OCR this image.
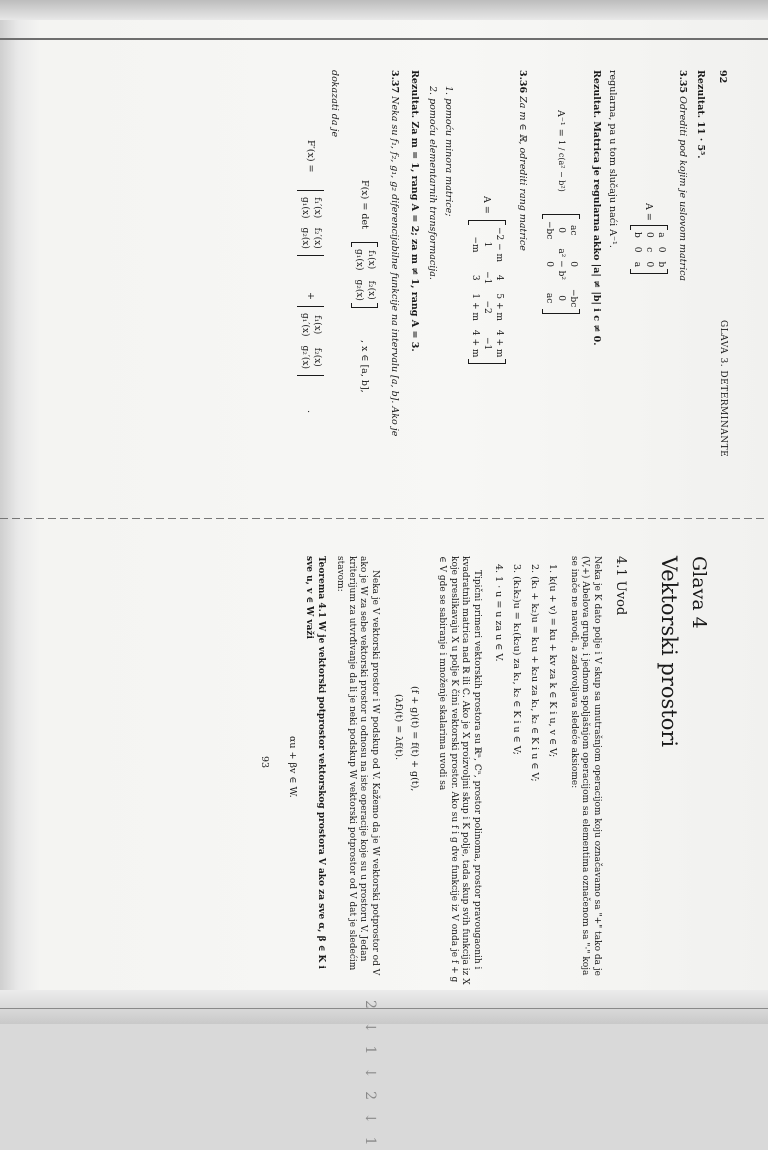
92
GLAVA 3. DETERMINANTE
Rezultat. 11 · 5⁵.
3.35 Odrediti pod kojim je uslovom matrica
A =
a
0
b
0
c
0
b
0
a
regularna, pa u tom slučaju naći A⁻¹.
Rezultat. Matrica je regularna akko |a| ≠ |b| i c ≠ 0.
A⁻¹ =
1 / c(a² − b²)
ac
0
−bc
0
a² − b²
0
−bc
0
ac
3.36 Za m ∈ ℝ, odrediti rang matrice
A =
−2 − m
4
5 + m
4 + m
1
−1
−2
−1
−m
3
1 + m
4 + m
1. pomoću minora matrice;
2. pomoću elementarnih transformacija.
Rezultat. Za m = 1, rang A = 2; za m ≠ 1, rang A = 3.
3.37 Neka su f₁, f₂, g₁, g₂ diferencijabilne funkcije na intervalu [a, b]. Ako je
F(x) = det
f₁(x)
f₂(x)
g₁(x)
g₂(x)
, x ∈ [a, b],
dokazati da je
F′(x) =
f₁′(x)
f₂′(x)
g₁(x)
g₂(x)
+
f₁(x)
f₂(x)
g₁′(x)
g₂′(x)
.
Glava 4
Vektorski prostori
4.1 Uvod
Neka je K dato polje i V skup sa unutrašnjom operacijom koju označavamo sa "+" tako da je (V,+) Abelova grupa, i jednom spoljašnjom operacijom sa elementima označenom sa "·" koja se inače ne navodi, a zadovoljava sledeće aksiome:
1. k(u + v) = ku + kv za k ∈ K i u, v ∈ V;
2. (k₁ + k₂)u = k₁u + k₂u za k₁, k₂ ∈ K i u ∈ V;
3. (k₁k₂)u = k₁(k₂u) za k₁, k₂ ∈ K i u ∈ V;
4. 1 · u = u za u ∈ V.
Tipični primeri vektorskih prostora su ℝⁿ, ℂⁿ, prostor polinoma, prostor pravougaonih i kvadratnih matrica nad ℝ ili ℂ. Ako je X proizvoljni skup i K polje, tada skup svih funkcija iz X koje preslikavaju X u polje K čini vektorski prostor. Ako su f i g dve funkcije iz V onda je f + g ∈ V gde se sabiranje i množenje skalarima uvodi sa
(f + g)(t) = f(t) + g(t),
(λf)(t) = λf(t).
Neka je V vektorski prostor i W podskup od V. Kažemo da je W vektorski potprostor od V ako je W za sebe vektorski prostor u odnosu na iste operacije koje su u prostoru V. Jedan kriterijum za utvrđivanje da li je neki podskup W vektorski potprostor od V dat je sledećim stavom:
Teorema 4.1 W je vektorski potprostor vektorskog prostora V ako za sve α, β ∈ K i sve u, v ∈ W važi
αu + βv ∈ W.
93
2 ↓ 1 ↓ 2 ↓ 1
